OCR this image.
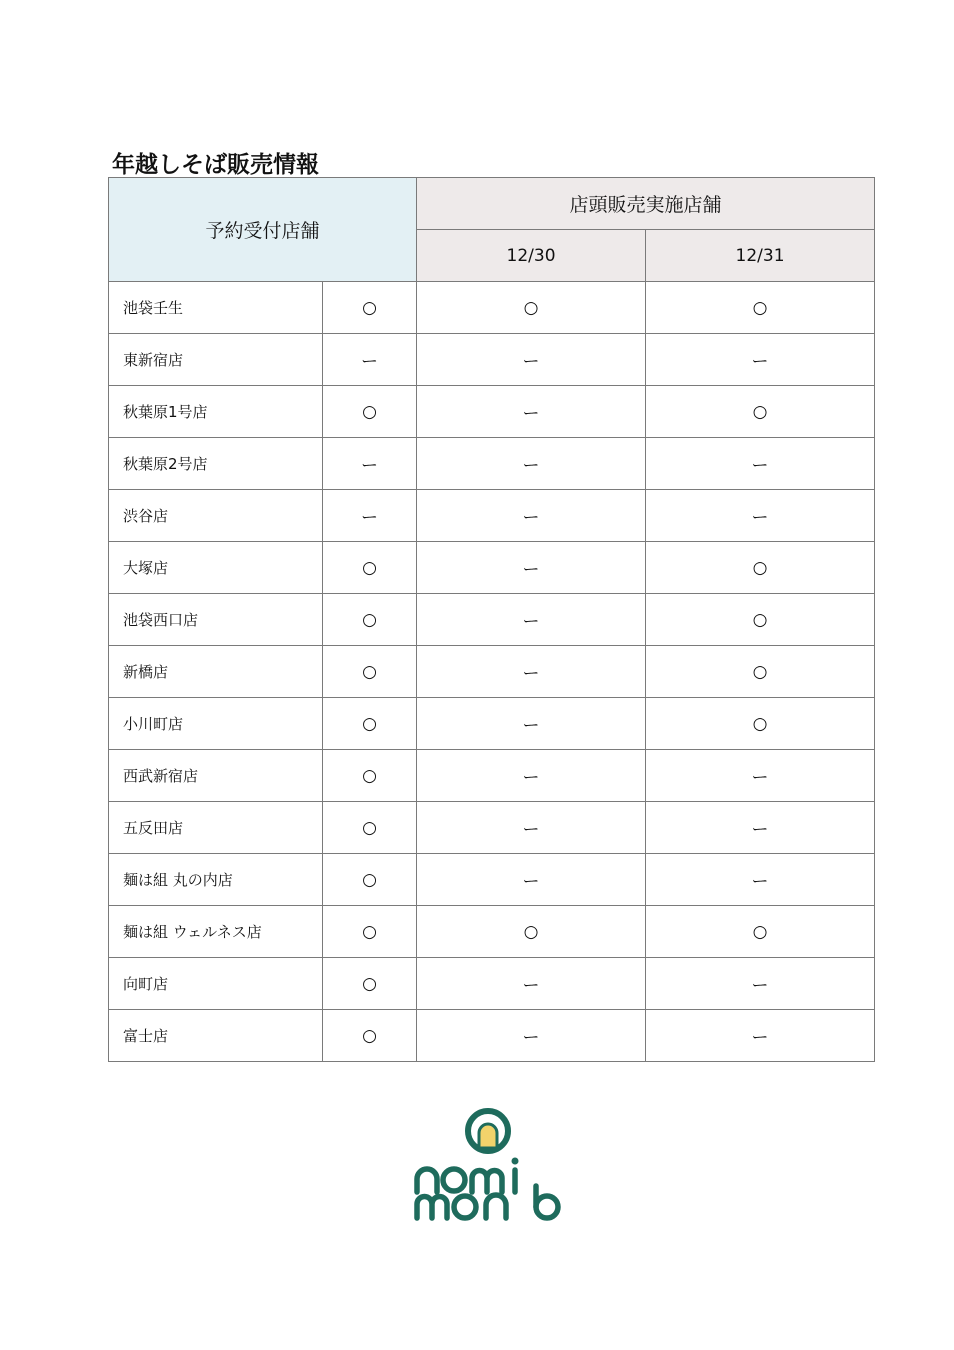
年越しそば販売情報
予約受付店舗		店頭販売実施店舗	
		12/30	12/31
池袋壬生	○	○	○
東新宿店	ー	ー	ー
秋葉原1号店	○	ー	○
秋葉原2号店	ー	ー	ー
渋谷店	ー	ー	ー
大塚店	○	ー	○
池袋西口店	○	ー	○
新橋店	○	ー	○
小川町店	○	ー	○
西武新宿店	○	ー	ー
五反田店	○	ー	ー
麺は組 丸の内店	○	ー	ー
麺は組 ウェルネス店	○	○	○
向町店	○	ー	ー
富士店	○	ー	ー
